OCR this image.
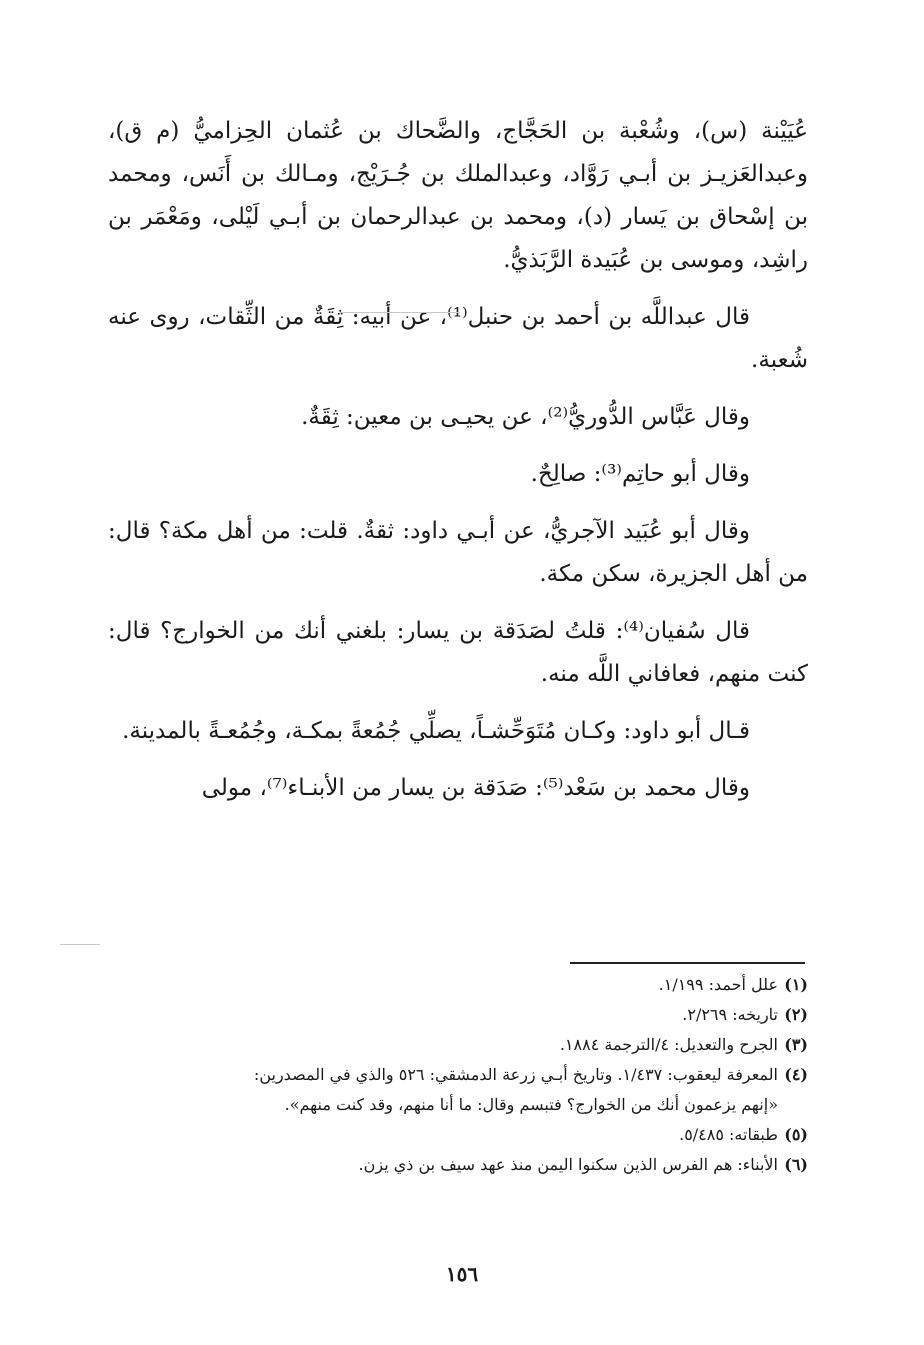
عُيَيْنة (س)، وشُعْبة بن الحَجَّاج، والضَّحاك بن عُثمان الحِزاميُّ (م ق)، وعبدالعَزيـز بن أبـي رَوَّاد، وعبدالملك بن جُـرَيْج، ومـالك بن أَنَس، ومحمد بن إسْحاق بن يَسار (د)، ومحمد بن عبدالرحمان بن أبـي لَيْلى، ومَعْمَر بن راشِد، وموسى بن عُبَيدة الرَّبَذيُّ.

قال عبداللَّه بن أحمد بن حنبل⁽¹⁾، عن أبيه: ثِقَةٌ من الثِّقات، روى عنه شُعبة.

وقال عَبَّاس الدُّوريُّ⁽²⁾، عن يحيـى بن معين: ثِقَةٌ.

وقال أبو حاتِم⁽³⁾: صالِحٌ.

وقال أبو عُبَيد الآجريُّ، عن أبـي داود: ثقةٌ. قلت: من أهل مكة؟ قال: من أهل الجزيرة، سكن مكة.

قال سُفيان⁽⁴⁾: قلتُ لصَدَقة بن يسار: بلغني أنك من الخوارج؟ قال: كنت منهم، فعافاني اللَّه منه.

قـال أبو داود: وكـان مُتَوَحِّشـاً، يصلِّي جُمُعةً بمكـة، وجُمُعـةً بالمدينة.

وقال محمد بن سَعْد⁽⁵⁾: صَدَقة بن يسار من الأبنـاء⁽⁷⁾، مولى

(١)
علل أحمد: ١/١٩٩.
(٢)
تاريخه: ٢/٢٦٩.
(٣)
الجرح والتعديل: ٤/الترجمة ١٨٨٤.
(٤)
المعرفة ليعقوب: ١/٤٣٧. وتاريخ أبـي زرعة الدمشقي: ٥٢٦ والذي في المصدرين:
«إنهم يزعمون أنك من الخوارج؟ فتبسم وقال: ما أنا منهم، وقد كنت منهم».
(٥)
طبقاته: ٥/٤٨٥.
(٦)
الأبناء: هم الفرس الذين سكنوا اليمن منذ عهد سيف بن ذي يزن.
١٥٦
